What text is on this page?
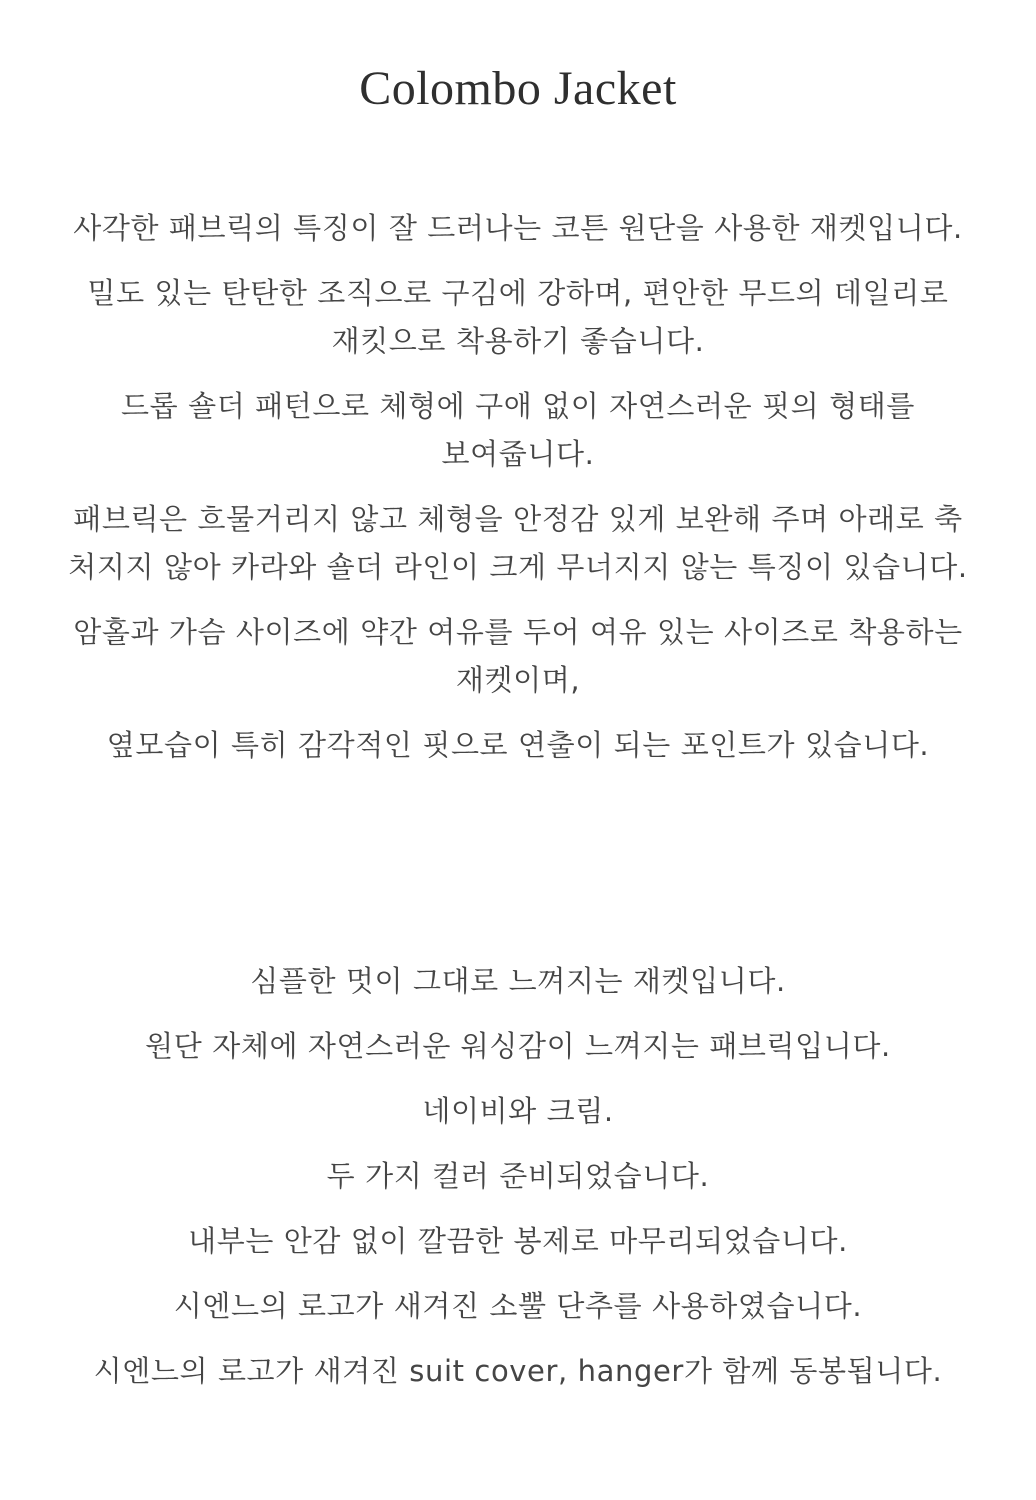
Colombo Jacket

사각한 패브릭의 특징이 잘 드러나는 코튼 원단을 사용한 재켓입니다.

밀도 있는 탄탄한 조직으로 구김에 강하며, 편안한 무드의 데일리로 재킷으로 착용하기 좋습니다.

드롭 숄더 패턴으로 체형에 구애 없이 자연스러운 핏의 형태를 보여줍니다.

패브릭은 흐물거리지 않고 체형을 안정감 있게 보완해 주며 아래로 축 처지지 않아 카라와 숄더 라인이 크게 무너지지 않는 특징이 있습니다.

암홀과 가슴 사이즈에 약간 여유를 두어 여유 있는 사이즈로 착용하는 재켓이며,

옆모습이 특히 감각적인 핏으로 연출이 되는 포인트가 있습니다.

심플한 멋이 그대로 느껴지는 재켓입니다.

원단 자체에 자연스러운 워싱감이 느껴지는 패브릭입니다.

네이비와 크림.

두 가지 컬러 준비되었습니다.

내부는 안감 없이 깔끔한 봉제로 마무리되었습니다.

시엔느의 로고가 새겨진 소뿔 단추를 사용하였습니다.

시엔느의 로고가 새겨진 suit cover, hanger가 함께 동봉됩니다.
